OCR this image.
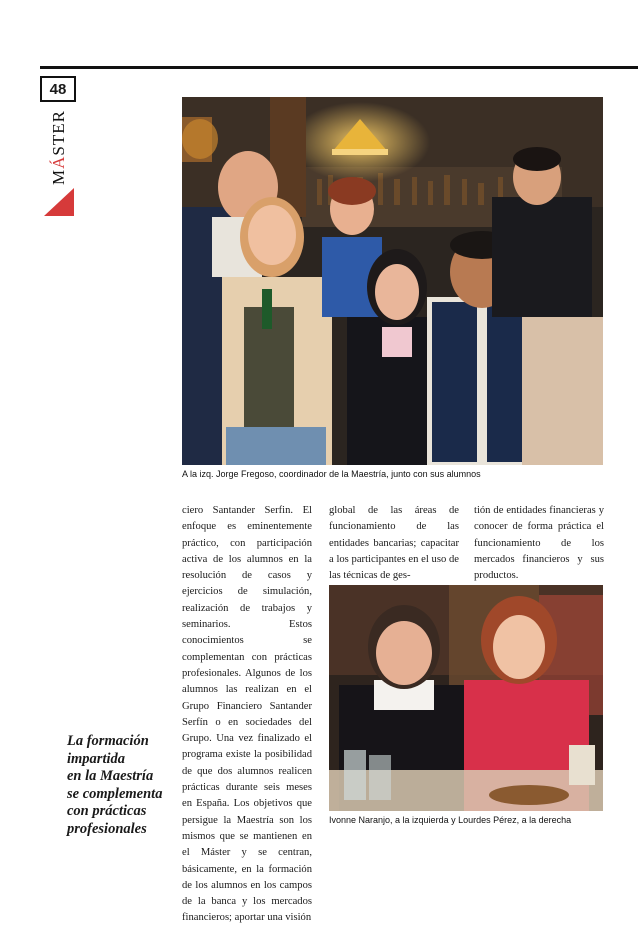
48
MÁSTER
A la izq. Jorge Fregoso, coordinador de la Maestría, junto con sus alumnos

ciero Santander Serfin. El enfoque es eminentemente práctico, con participación activa de los alumnos en la resolución de casos y ejercicios de simulación, realización de trabajos y seminarios. Estos conocimientos se complementan con prácticas profesionales. Algunos de los alumnos las realizan en el Grupo Financiero Santander Serfín o en sociedades del Grupo. Una vez finalizado el programa existe la posibilidad de que dos alumnos realicen prácticas durante seis meses en España. Los objetivos que persigue la Maestría son los mismos que se mantienen en el Máster y se centran, básicamente, en la formación de los alumnos en los campos de la banca y los mercados financieros; aportar una visión

global de las áreas de funcionamiento de las entidades bancarias; capacitar a los participantes en el uso de las técnicas de ges-

tión de entidades financieras y conocer de forma práctica el funcionamiento de los mercados financieros y sus productos.

Ivonne Naranjo, a la izquierda y Lourdes Pérez, a la derecha
La formación
impartida
en la Maestría
se complementa
con prácticas
profesionales
